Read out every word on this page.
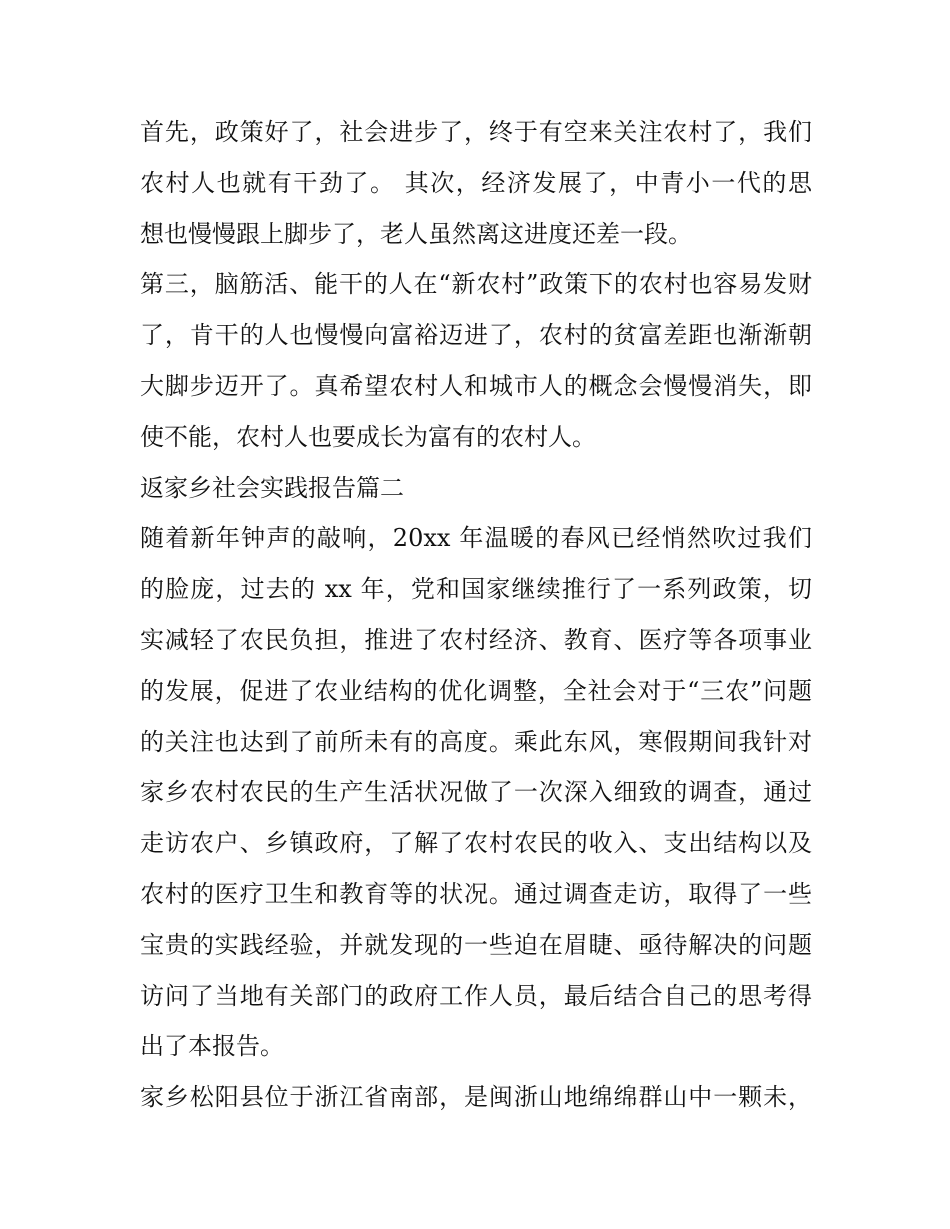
首先，政策好了，社会进步了，终于有空来关注农村了，我们
农村人也就有干劲了。 其次，经济发展了，中青小一代的思
想也慢慢跟上脚步了，老人虽然离这进度还差一段。
第三，脑筋活、能干的人在“新农村”政策下的农村也容易发财
了，肯干的人也慢慢向富裕迈进了，农村的贫富差距也渐渐朝
大脚步迈开了。真希望农村人和城市人的概念会慢慢消失，即
使不能，农村人也要成长为富有的农村人。
返家乡社会实践报告篇二
随着新年钟声的敲响，20xx 年温暖的春风已经悄然吹过我们
的脸庞，过去的 xx 年，党和国家继续推行了一系列政策，切
实减轻了农民负担，推进了农村经济、教育、医疗等各项事业
的发展，促进了农业结构的优化调整，全社会对于“三农”问题
的关注也达到了前所未有的高度。乘此东风，寒假期间我针对
家乡农村农民的生产生活状况做了一次深入细致的调查，通过
走访农户、乡镇政府，了解了农村农民的收入、支出结构以及
农村的医疗卫生和教育等的状况。通过调查走访，取得了一些
宝贵的实践经验，并就发现的一些迫在眉睫、亟待解决的问题
访问了当地有关部门的政府工作人员，最后结合自己的思考得
出了本报告。
家乡松阳县位于浙江省南部，是闽浙山地绵绵群山中一颗未，
